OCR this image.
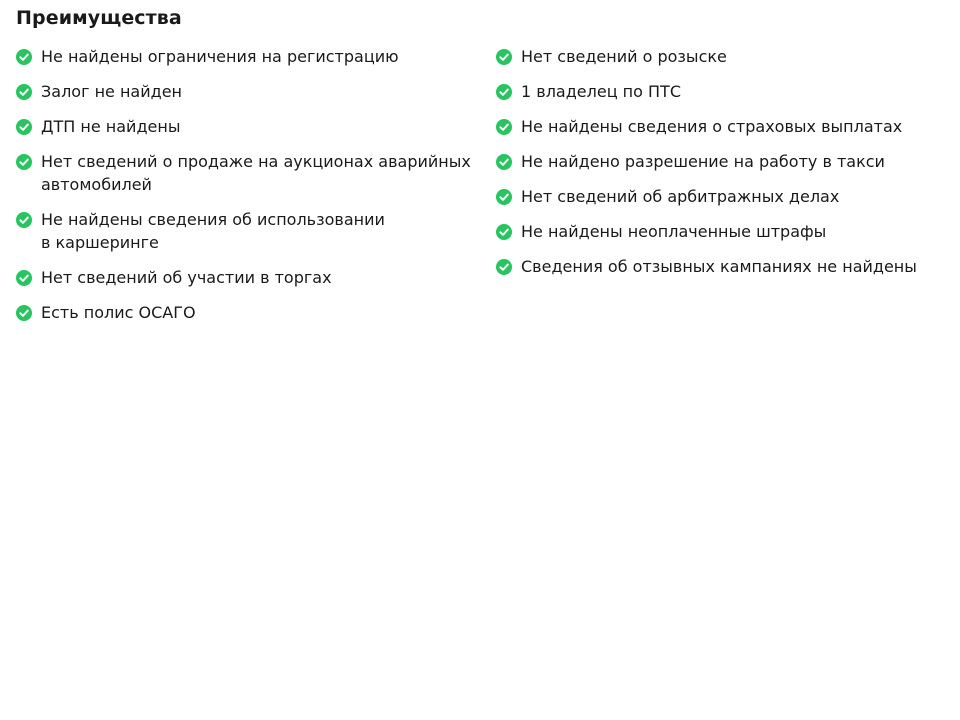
Преимущества
Не найдены ограничения на регистрацию
Залог не найден
ДТП не найдены
Нет сведений о продаже на аукционах аварийных
автомобилей
Не найдены сведения об использовании
в каршеринге
Нет сведений об участии в торгах
Есть полис ОСАГО
Нет сведений о розыске
1 владелец по ПТС
Не найдены сведения о страховых выплатах
Не найдено разрешение на работу в такси
Нет сведений об арбитражных делах
Не найдены неоплаченные штрафы
Сведения об отзывных кампаниях не найдены
